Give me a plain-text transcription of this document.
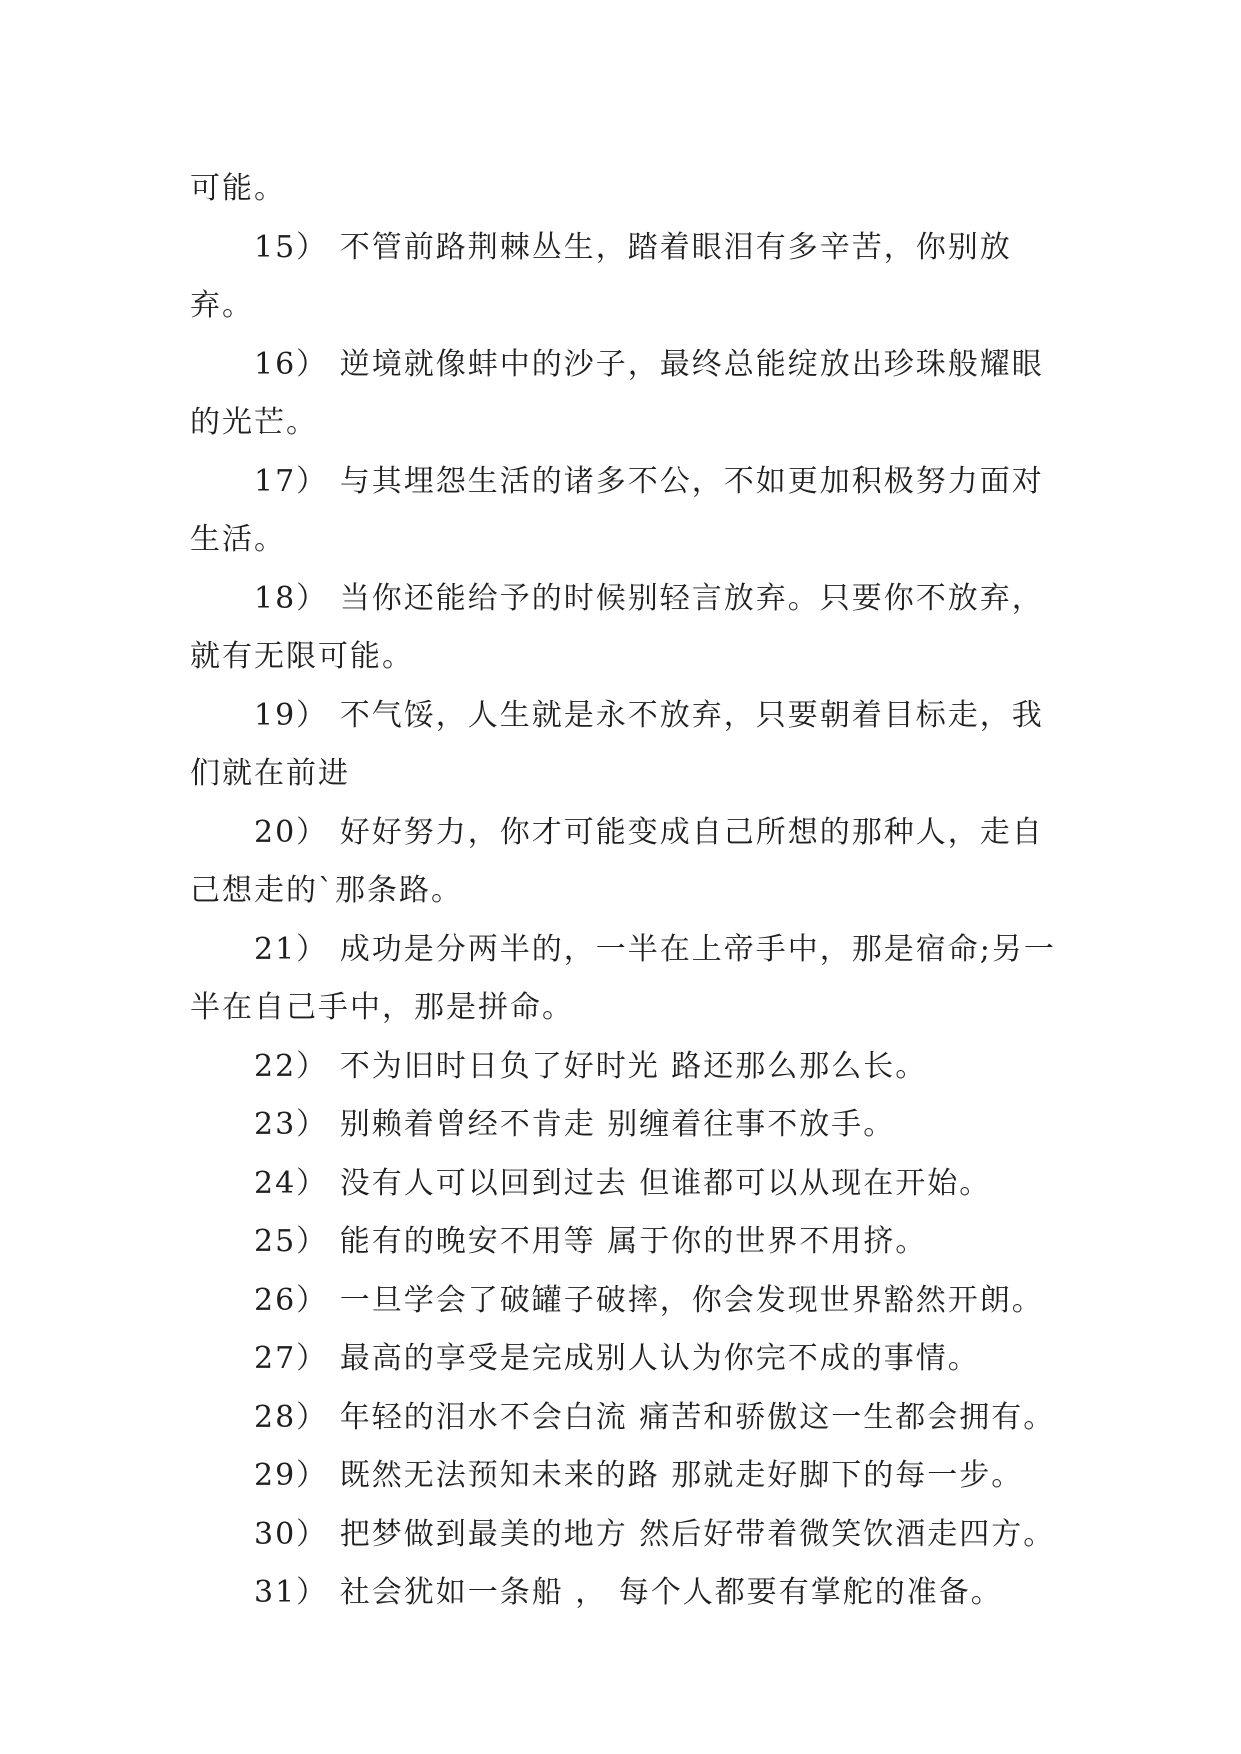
可能。

15） 不管前路荆棘丛生，踏着眼泪有多辛苦，你别放弃。

16） 逆境就像蚌中的沙子，最终总能绽放出珍珠般耀眼的光芒。

17） 与其埋怨生活的诸多不公，不如更加积极努力面对生活。

18） 当你还能给予的时候别轻言放弃。只要你不放弃，就有无限可能。

19） 不气馁，人生就是永不放弃，只要朝着目标走，我们就在前进

20） 好好努力，你才可能变成自己所想的那种人，走自己想走的`那条路。

21） 成功是分两半的，一半在上帝手中，那是宿命;另一半在自己手中，那是拼命。

22） 不为旧时日负了好时光 路还那么那么长。

23） 别赖着曾经不肯走 别缠着往事不放手。

24） 没有人可以回到过去 但谁都可以从现在开始。

25） 能有的晚安不用等 属于你的世界不用挤。

26） 一旦学会了破罐子破摔，你会发现世界豁然开朗。

27） 最高的享受是完成别人认为你完不成的事情。

28） 年轻的泪水不会白流 痛苦和骄傲这一生都会拥有。

29） 既然无法预知未来的路 那就走好脚下的每一步。

30） 把梦做到最美的地方 然后好带着微笑饮酒走四方。

31） 社会犹如一条船 ， 每个人都要有掌舵的准备。
